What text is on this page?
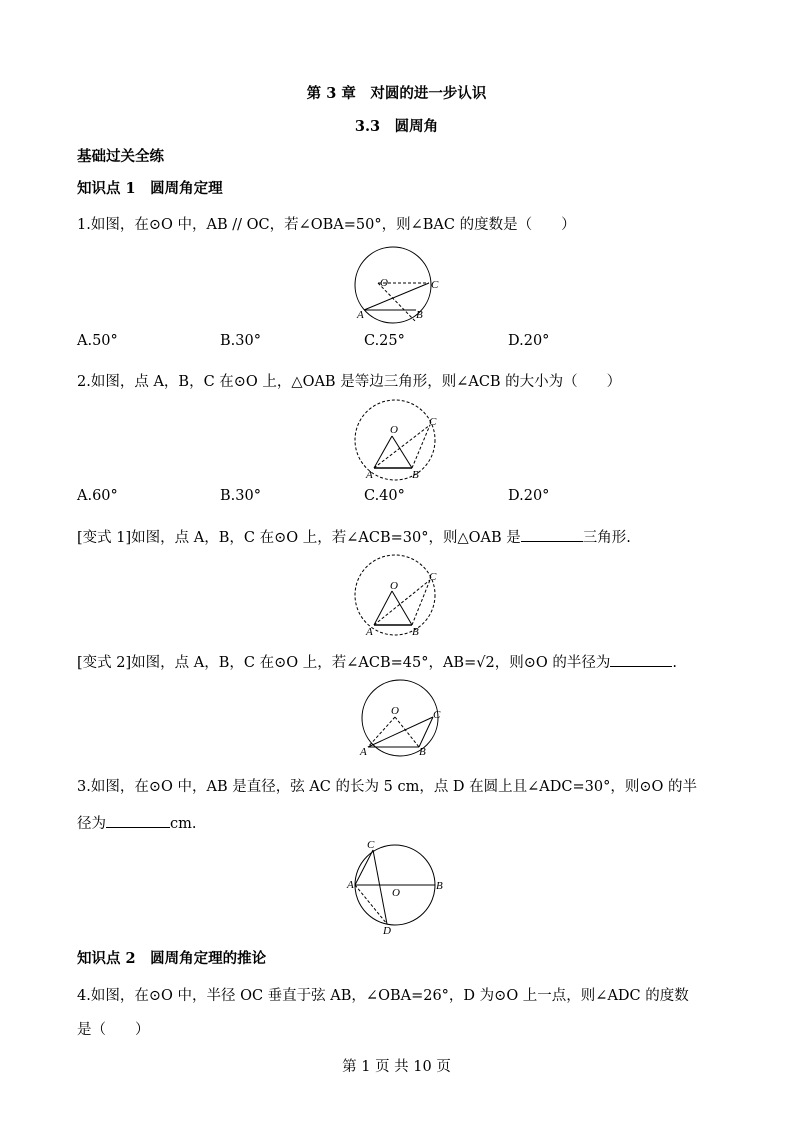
第 3 章　对圆的进一步认识
3.3　圆周角
基础过关全练
知识点 1　圆周角定理
1.如图，在⊙O 中，AB // OC，若∠OBA=50°，则∠BAC 的度数是（　　）
O	C
A	B
A.50°	B.30°	C.25°	D.20°
2.如图，点 A，B，C 在⊙O 上，△OAB 是等边三角形，则∠ACB 的大小为（　　）
O
C
A	B
A.60°	B.30°	C.40°	D.20°
[变式 1]如图，点 A，B，C 在⊙O 上，若∠ACB=30°，则△OAB 是	三角形.
O
C
A	B
[变式 2]如图，点 A，B，C 在⊙O 上，若∠ACB=45°，AB=√2，则⊙O 的半径为	.
O	C
A	B
3.如图，在⊙O 中，AB 是直径，弦 AC 的长为 5 cm，点 D 在圆上且∠ADC=30°，则⊙O 的半
径为	cm.
O
C
A	B
D
知识点 2　圆周角定理的推论
4.如图，在⊙O 中，半径 OC 垂直于弦 AB，∠OBA=26°，D 为⊙O 上一点，则∠ADC 的度数
是（　　）
第 1 页 共 10 页
